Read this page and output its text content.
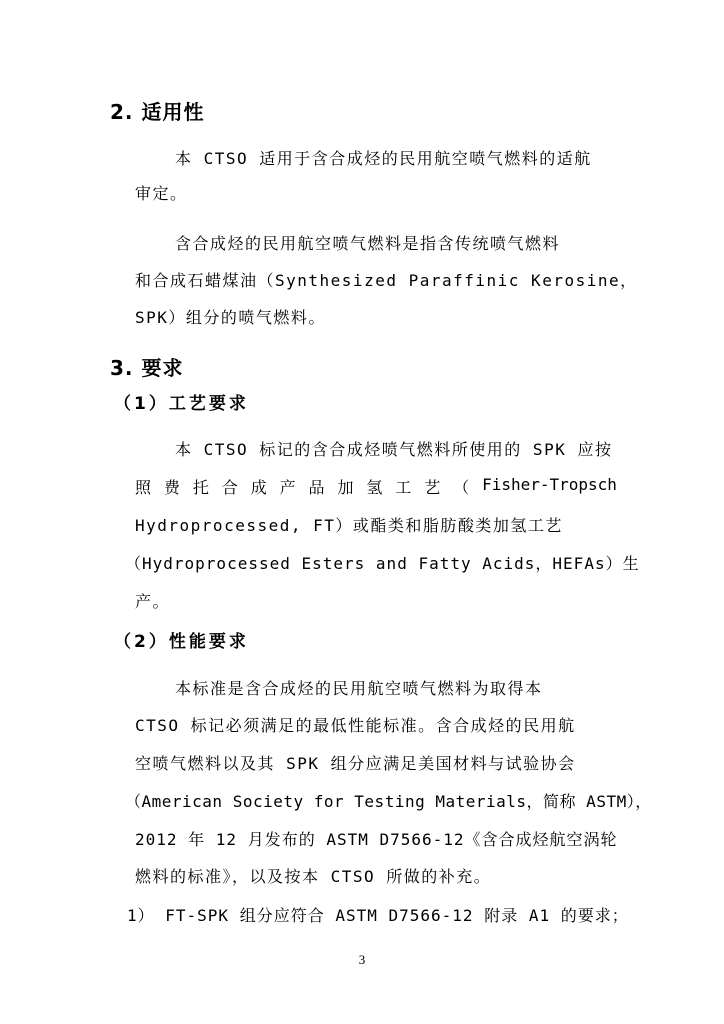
2. 适用性
本 CTSO 适用于含合成烃的民用航空喷气燃料的适航
审定。
含合成烃的民用航空喷气燃料是指含传统喷气燃料
和合成石蜡煤油（Synthesized Paraffinic Kerosine，
SPK）组分的喷气燃料。
3. 要求
（1）工艺要求
本 CTSO 标记的含合成烃喷气燃料所使用的 SPK 应按
照 费 托 合 成 产 品 加 氢 工 艺 （ Fisher-Tropsch
Hydroprocessed, FT）或酯类和脂肪酸类加氢工艺
（Hydroprocessed Esters and Fatty Acids，HEFAs）生
产。
（2）性能要求
本标准是含合成烃的民用航空喷气燃料为取得本
CTSO 标记必须满足的最低性能标准。含合成烃的民用航
空喷气燃料以及其 SPK 组分应满足美国材料与试验协会
（American Society for Testing Materials，简称 ASTM），
2012 年 12 月发布的 ASTM D7566-12《含合成烃航空涡轮
燃料的标准》，以及按本 CTSO 所做的补充。
1） FT-SPK 组分应符合 ASTM D7566-12 附录 A1 的要求；
3
